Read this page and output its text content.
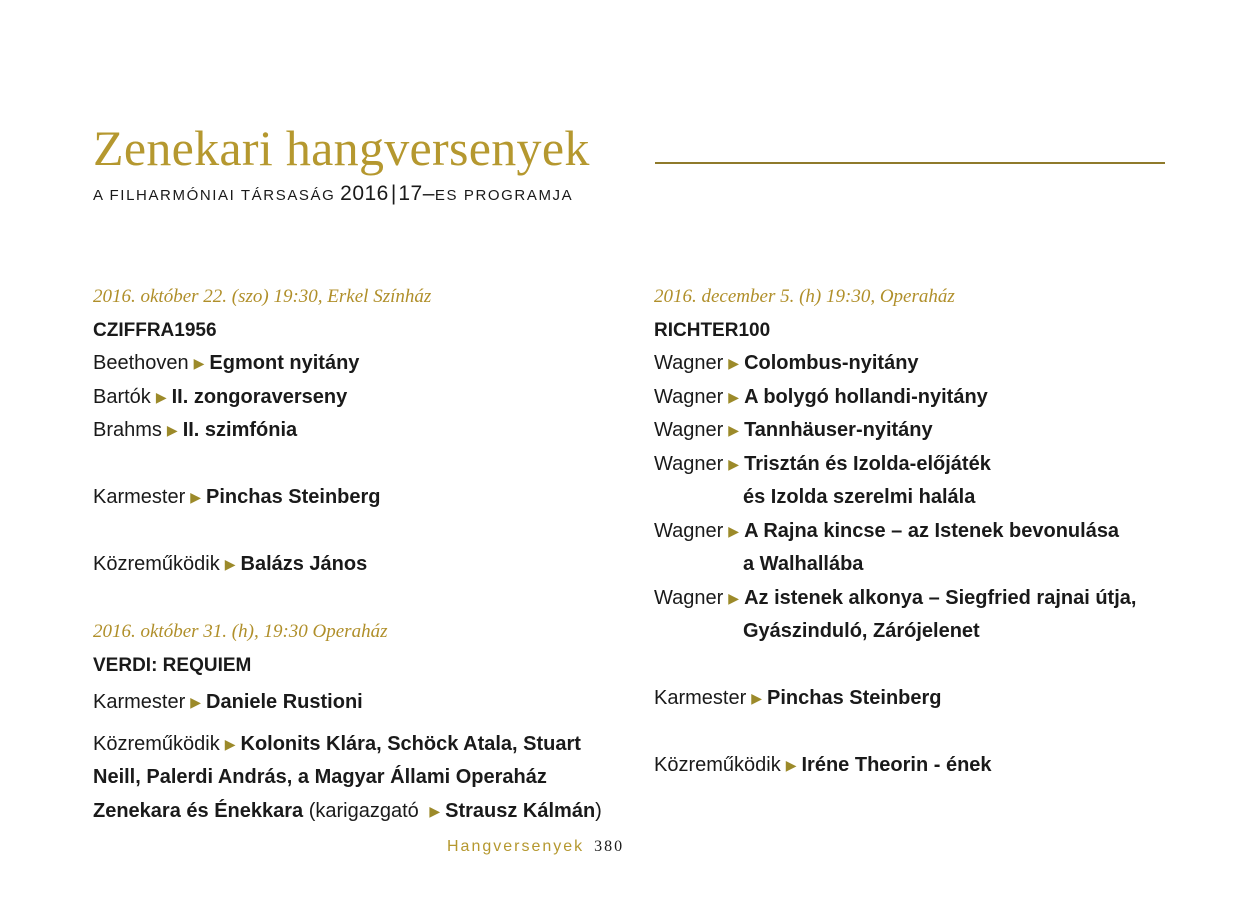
Zenekari hangversenyek
A FILHARMÓNIAI TÁRSASÁG 2016|17–ES PROGRAMJA
2016. október 22. (szo) 19:30, Erkel Színház
CZIFFRA1956
Beethoven ▶ Egmont nyitány
Bartók ▶ II. zongoraverseny
Brahms ▶ II. szimfónia
Karmester ▶ Pinchas Steinberg
Közreműködik ▶ Balázs János
2016. október 31. (h), 19:30 Operaház
VERDI: REQUIEM
Karmester ▶ Daniele Rustioni
Közreműködik ▶ Kolonits Klára, Schöck Atala, Stuart
Neill, Palerdi András, a Magyar Állami Operaház
Zenekara és Énekkara (karigazgató ▶ Strausz Kálmán)
2016. december 5. (h) 19:30, Operaház
RICHTER100
Wagner ▶ Colombus-nyitány
Wagner ▶ A bolygó hollandi-nyitány
Wagner ▶ Tannhäuser-nyitány
Wagner ▶ Trisztán és Izolda-előjáték
és Izolda szerelmi halála
Wagner ▶ A Rajna kincse – az Istenek bevonulása
a Walhallába
Wagner ▶ Az istenek alkonya – Siegfried rajnai útja,
Gyászinduló, Zárójelenet
Karmester ▶ Pinchas Steinberg
Közreműködik ▶ Iréne Theorin - ének
Hangversenyek 380
